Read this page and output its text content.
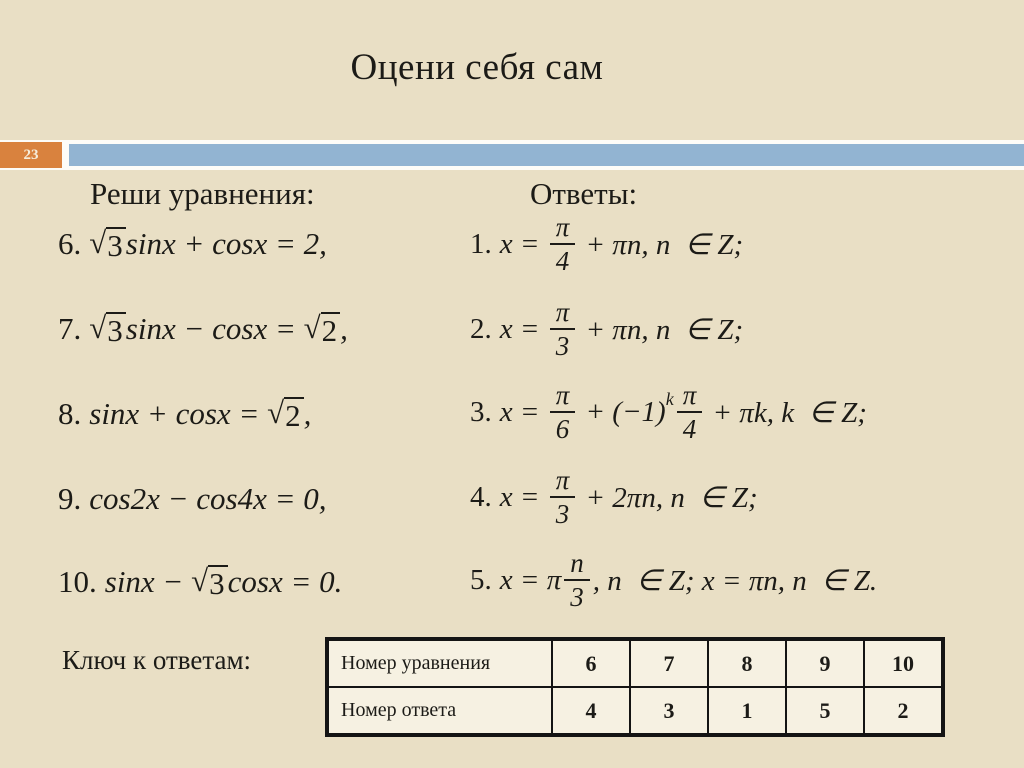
Оцени себя сам
23
Реши уравнения:	Ответы:
6. √ 3 sinx + cosx = 2,
7. √ 3 sinx − cosx = √ 2 ,
8. sinx + cosx = √ 2 ,
9. cos2x − cos4x = 0,
10. sinx − √ 3 cosx = 0.
1. $x = \frac{\pi}{4} + \pi n$, n  ∈ Z;
2. $x = \frac{\pi}{3} + \pi n$, n  ∈ Z;
3. $x = \frac{\pi}{6} + (-1)$ k π
4
+ πk, k  ∈ Z;
4. $x = \frac{\pi}{3} + 2\pi n$, n  ∈ Z;
5. x = π
n
3
, n  ∈ Z; x = πn, n  ∈ Z.
Ключ к ответам:	Номер уравнения	6	7	8	9	10
Номер ответа	4	3	1	5	2
